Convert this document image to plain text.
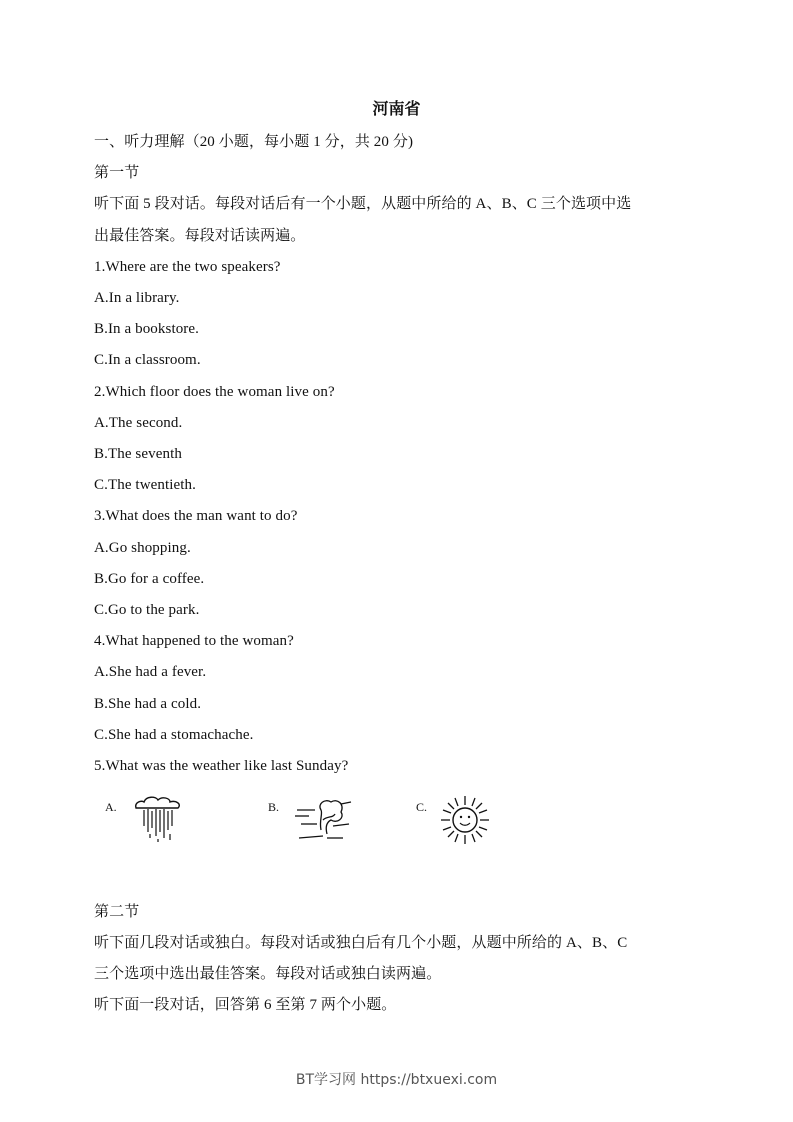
河南省
一、听力理解（20 小题，每小题 1 分，共 20 分)
第一节
听下面 5 段对话。每段对话后有一个小题，从题中所给的 A、B、C 三个选项中选
出最佳答案。每段对话读两遍。
1.Where are the two speakers?
A.In a library.
B.In a bookstore.
C.In a classroom.
2.Which floor does the woman live on?
A.The second.
B.The seventh
C.The twentieth.
3.What does the man want to do?
A.Go shopping.
B.Go for a coffee.
C.Go to the park.
4.What happened to the woman?
A.She had a fever.
B.She had a cold.
C.She had a stomachache.
5.What was the weather like last Sunday?
A.	B.	C.
第二节
听下面几段对话或独白。每段对话或独白后有几个小题，从题中所给的 A、B、C
三个选项中选出最佳答案。每段对话或独白读两遍。
听下面一段对话，回答第 6 至第 7 两个小题。
BT学习网 https://btxuexi.com
